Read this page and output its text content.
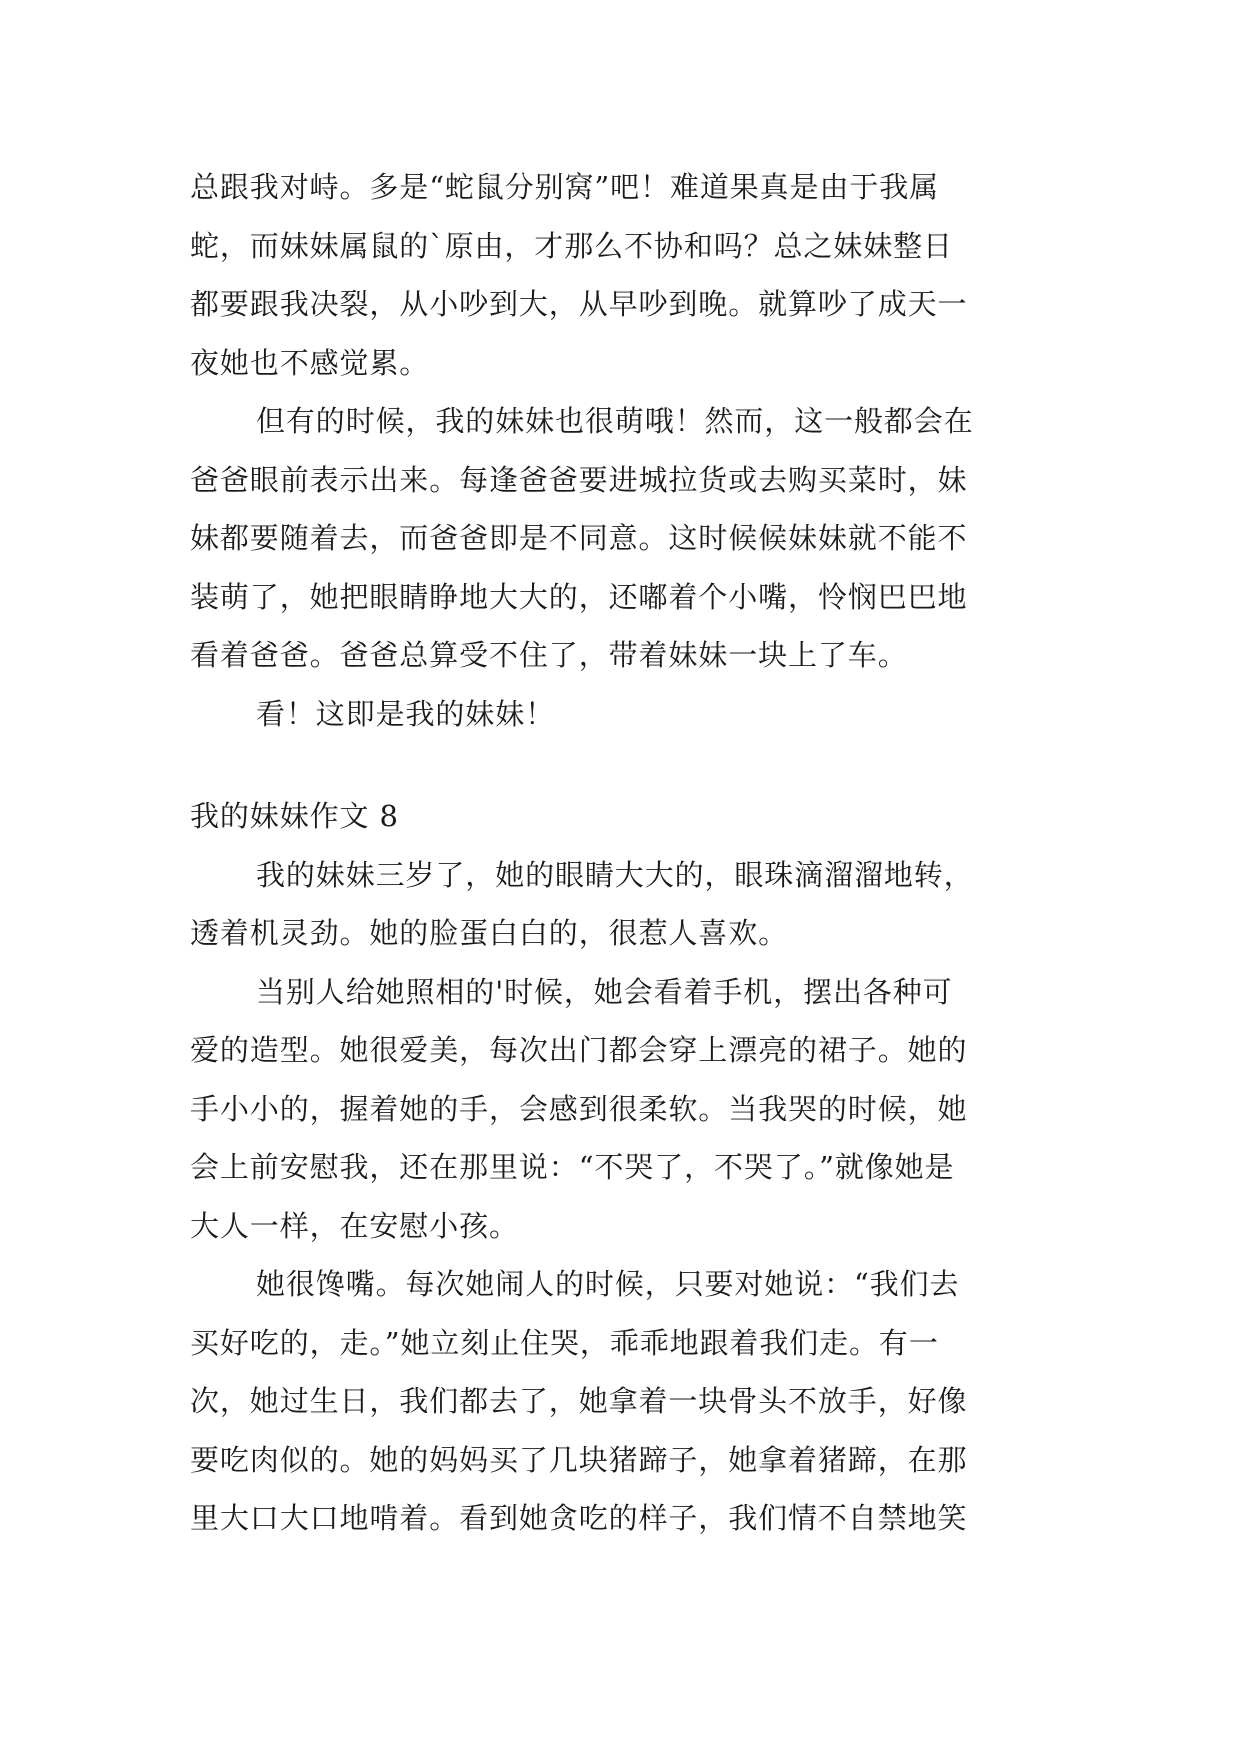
总跟我对峙。多是“蛇鼠分别窝”吧！难道果真是由于我属
蛇，而妹妹属鼠的`原由，才那么不协和吗？总之妹妹整日
都要跟我决裂，从小吵到大，从早吵到晚。就算吵了成天一
夜她也不感觉累。
但有的时候，我的妹妹也很萌哦！然而，这一般都会在
爸爸眼前表示出来。每逢爸爸要进城拉货或去购买菜时，妹
妹都要随着去，而爸爸即是不同意。这时候候妹妹就不能不
装萌了，她把眼睛睁地大大的，还嘟着个小嘴，怜悯巴巴地
看着爸爸。爸爸总算受不住了，带着妹妹一块上了车。
看！这即是我的妹妹！
我的妹妹作文 8
我的妹妹三岁了，她的眼睛大大的，眼珠滴溜溜地转，
透着机灵劲。她的脸蛋白白的，很惹人喜欢。
当别人给她照相的'时候，她会看着手机，摆出各种可
爱的造型。她很爱美，每次出门都会穿上漂亮的裙子。她的
手小小的，握着她的手，会感到很柔软。当我哭的时候，她
会上前安慰我，还在那里说：“不哭了，不哭了。”就像她是
大人一样，在安慰小孩。
她很馋嘴。每次她闹人的时候，只要对她说：“我们去
买好吃的，走。”她立刻止住哭，乖乖地跟着我们走。有一
次，她过生日，我们都去了，她拿着一块骨头不放手，好像
要吃肉似的。她的妈妈买了几块猪蹄子，她拿着猪蹄，在那
里大口大口地啃着。看到她贪吃的样子，我们情不自禁地笑
